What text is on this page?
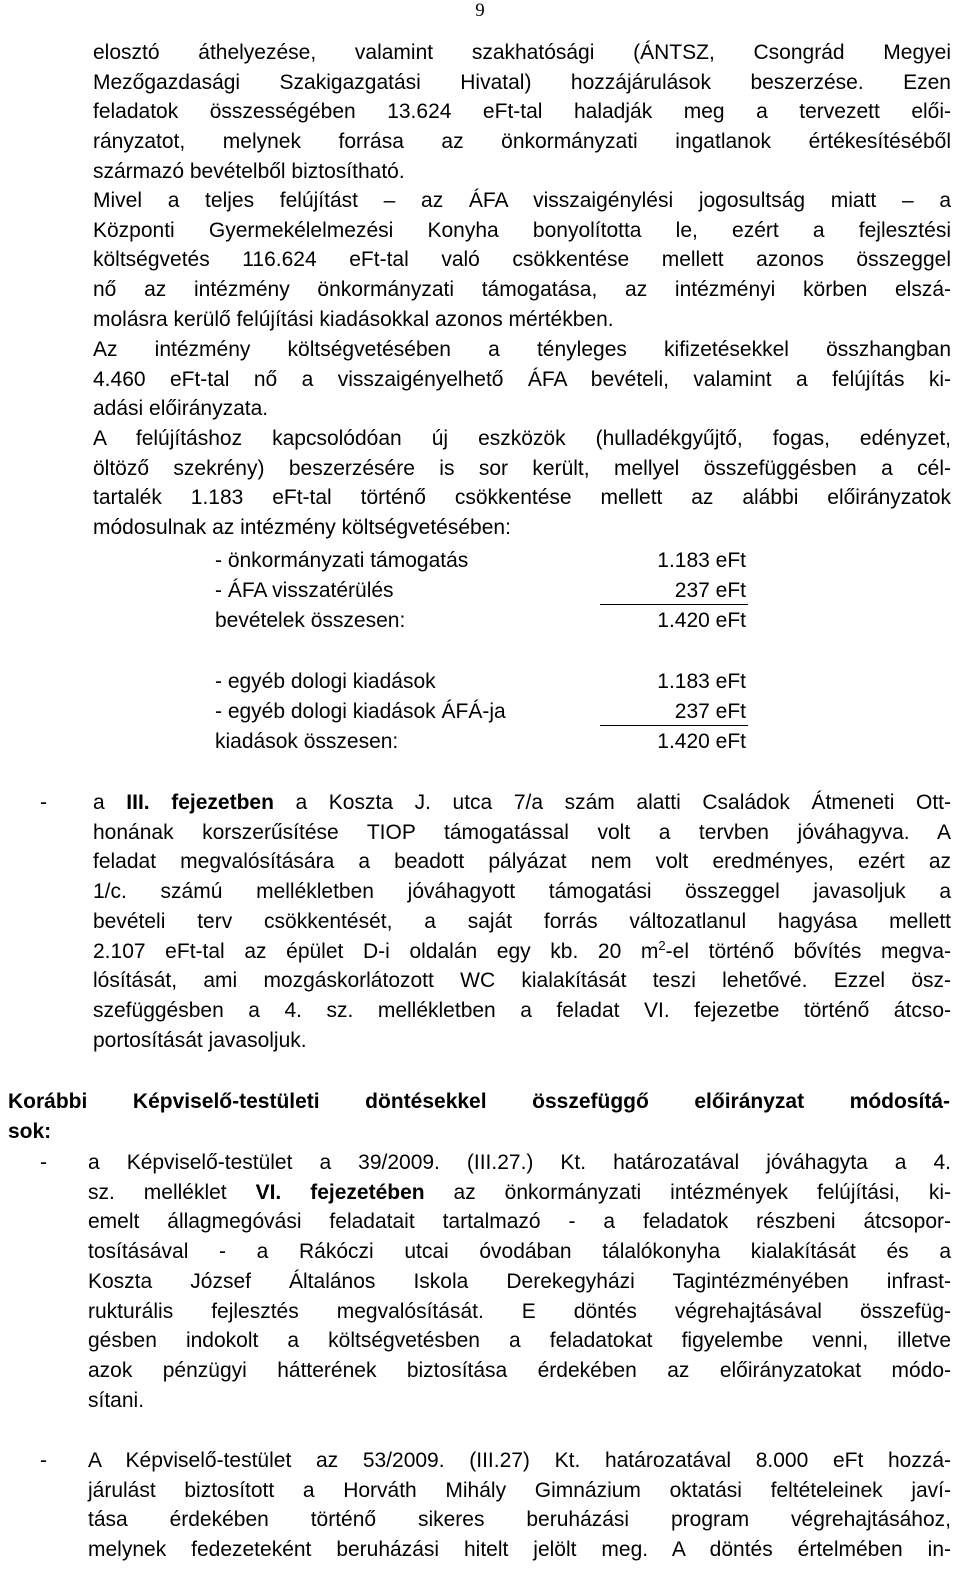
9
elosztó áthelyezése, valamint szakhatósági (ÁNTSZ, Csongrád Megyei
Mezőgazdasági Szakigazgatási Hivatal) hozzájárulások beszerzése. Ezen
feladatok összességében 13.624 eFt-tal haladják meg a tervezett elői-
rányzatot, melynek forrása az önkormányzati ingatlanok értékesítéséből
származó bevételből biztosítható.
Mivel a teljes felújítást – az ÁFA visszaigénylési jogosultság miatt – a
Központi Gyermekélelmezési Konyha bonyolította le, ezért a fejlesztési
költségvetés 116.624 eFt-tal való csökkentése mellett azonos összeggel
nő az intézmény önkormányzati támogatása, az intézményi körben elszá-
molásra kerülő felújítási kiadásokkal azonos mértékben.
Az intézmény költségvetésében a tényleges kifizetésekkel összhangban
4.460 eFt-tal nő a visszaigényelhető ÁFA bevételi, valamint a felújítás ki-
adási előirányzata.
A felújításhoz kapcsolódóan új eszközök (hulladékgyűjtő, fogas, edényzet,
öltöző szekrény) beszerzésére is sor került, mellyel összefüggésben a cél-
tartalék 1.183 eFt-tal történő csökkentése mellett az alábbi előirányzatok
módosulnak az intézmény költségvetésében:
- önkormányzati támogatás	1.183 eFt
- ÁFA visszatérülés	237 eFt
bevételek összesen:	1.420 eFt
- egyéb dologi kiadások	1.183 eFt
- egyéb dologi kiadások ÁFÁ-ja	237 eFt
kiadások összesen:	1.420 eFt
- a III. fejezetben a Koszta J. utca 7/a szám alatti Családok Átmeneti Ott-
honának korszerűsítése TIOP támogatással volt a tervben jóváhagyva. A
feladat megvalósítására a beadott pályázat nem volt eredményes, ezért az
1/c. számú mellékletben jóváhagyott támogatási összeggel javasoljuk a
bevételi terv csökkentését, a saját forrás változatlanul hagyása mellett
2.107 eFt-tal az épület D-i oldalán egy kb. 20 $m^2-el$ történő bővítés megva-
lósítását, ami mozgáskorlátozott WC kialakítását teszi lehetővé. Ezzel ösz-
szefüggésben a 4. sz. mellékletben a feladat VI. fejezetbe történő átcso-
portosítását javasoljuk.
Korábbi Képviselő-testületi döntésekkel összefüggő előirányzat módosítá-
sok:
- a Képviselő-testület a 39/2009. (III.27.) Kt. határozatával jóváhagyta a 4.
sz. melléklet VI. fejezetében az önkormányzati intézmények felújítási, ki-
emelt állagmegóvási feladatait tartalmazó - a feladatok részbeni átcsopor-
tosításával - a Rákóczi utcai óvodában tálalókonyha kialakítását és a
Koszta József Általános Iskola Derekegyházi Tagintézményében infrast-
rukturális fejlesztés megvalósítását. E döntés végrehajtásával összefüg-
gésben indokolt a költségvetésben a feladatokat figyelembe venni, illetve
azok pénzügyi hátterének biztosítása érdekében az előirányzatokat módo-
sítani.
- A Képviselő-testület az 53/2009. (III.27) Kt. határozatával 8.000 eFt hozzá-
járulást biztosított a Horváth Mihály Gimnázium oktatási feltételeinek javí-
tása érdekében történő sikeres beruházási program végrehajtásához,
melynek fedezeteként beruházási hitelt jelölt meg. A döntés értelmében in-
